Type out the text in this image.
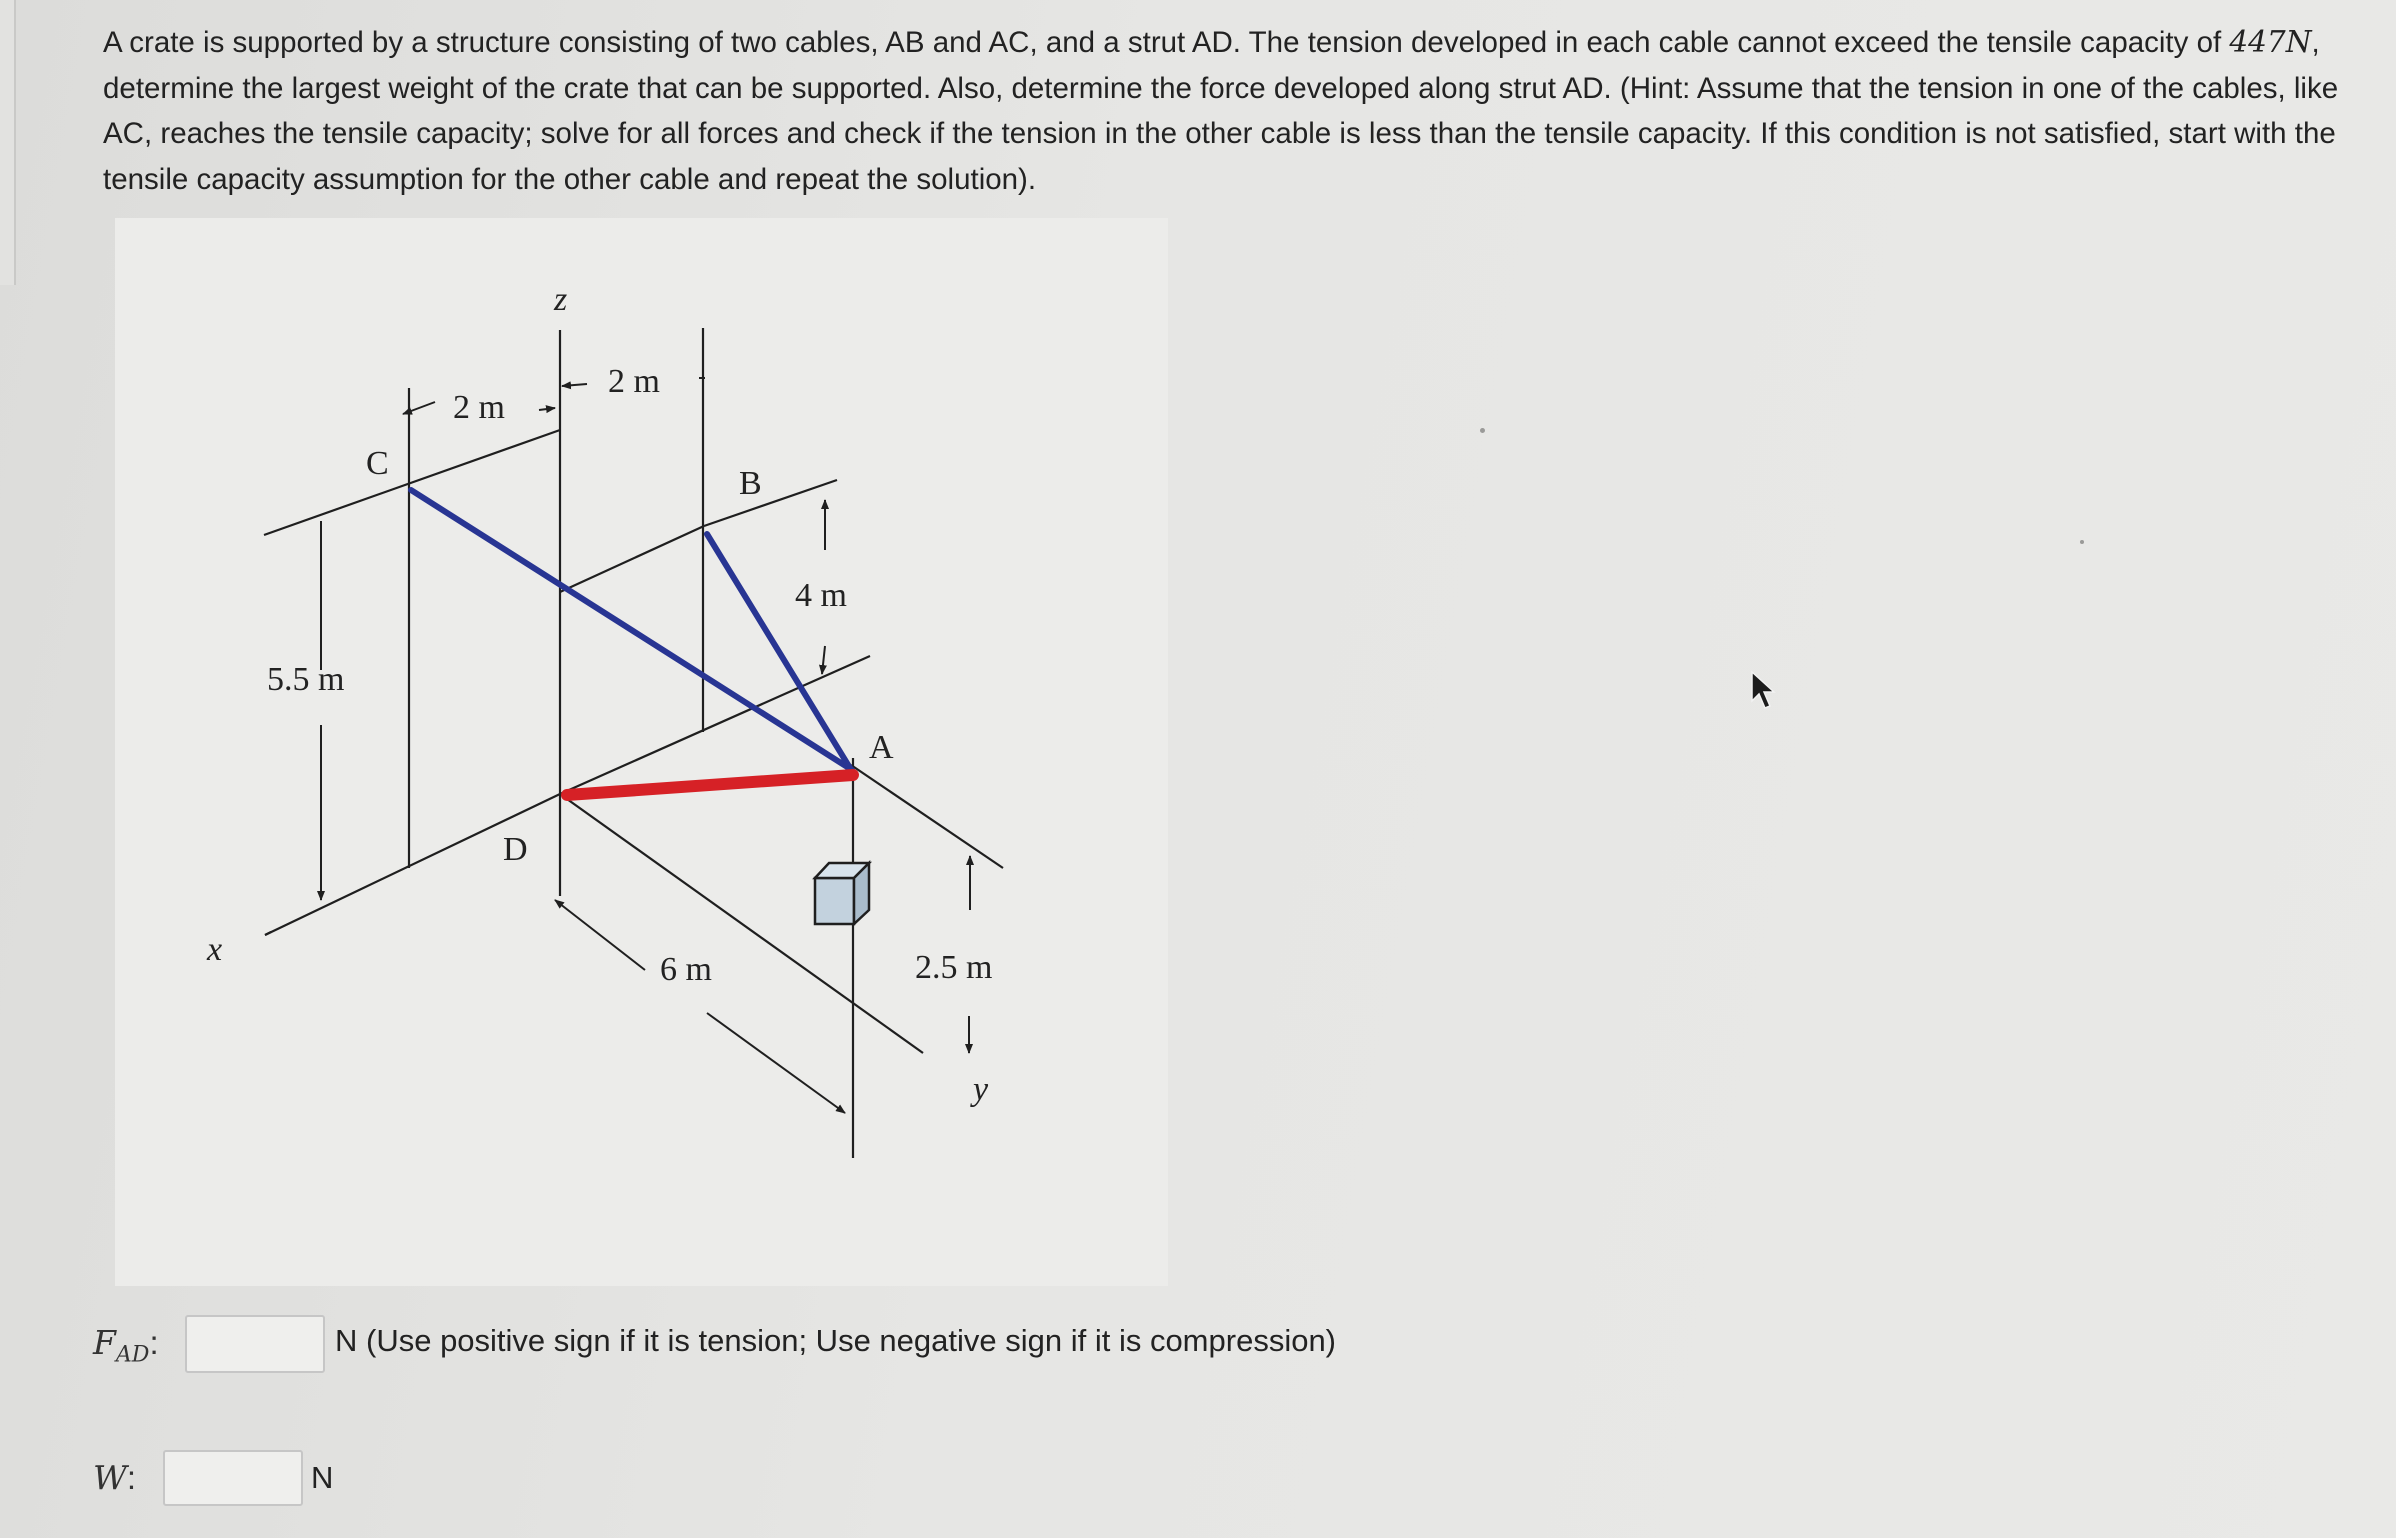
A crate is supported by a structure consisting of two cables, AB and AC, and a strut AD. The tension developed in each cable cannot exceed the tensile capacity of 447N, determine the largest weight of the crate that can be supported. Also, determine the force developed along strut AD. (Hint: Assume that the tension in one of the cables, like AC, reaches the tensile capacity; solve for all forces and check if the tension in the other cable is less than the tensile capacity. If this condition is not satisfied, start with the tensile capacity assumption for the other cable and repeat the solution).
z
x
y
C
B
A
D
2 m
2 m
4 m
5.5 m
6 m	2.5 m
$F_{AD}$:	N (Use positive sign if it is tension; Use negative sign if it is compression)
W:	N
